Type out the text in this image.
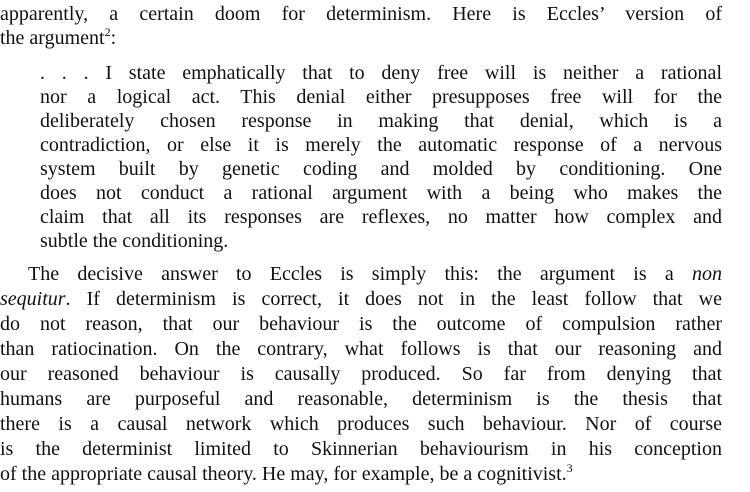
apparently, a certain doom for determinism. Here is Eccles’ version of
the argument$^2$:
. . . I state emphatically that to deny free will is neither a rational
nor a logical act. This denial either presupposes free will for the
deliberately chosen response in making that denial, which is a
contradiction, or else it is merely the automatic response of a nervous
system built by genetic coding and molded by conditioning. One
does not conduct a rational argument with a being who makes the
claim that all its responses are reflexes, no matter how complex and
subtle the conditioning.
The decisive answer to Eccles is simply this: the argument is a non
sequitur. If determinism is correct, it does not in the least follow that we
do not reason, that our behaviour is the outcome of compulsion rather
than ratiocination. On the contrary, what follows is that our reasoning and
our reasoned behaviour is causally produced. So far from denying that
humans are purposeful and reasonable, determinism is the thesis that
there is a causal network which produces such behaviour. Nor of course
is the determinist limited to Skinnerian behaviourism in his conception
of the appropriate causal theory. He may, for example, be a cognitivist.$^3$
